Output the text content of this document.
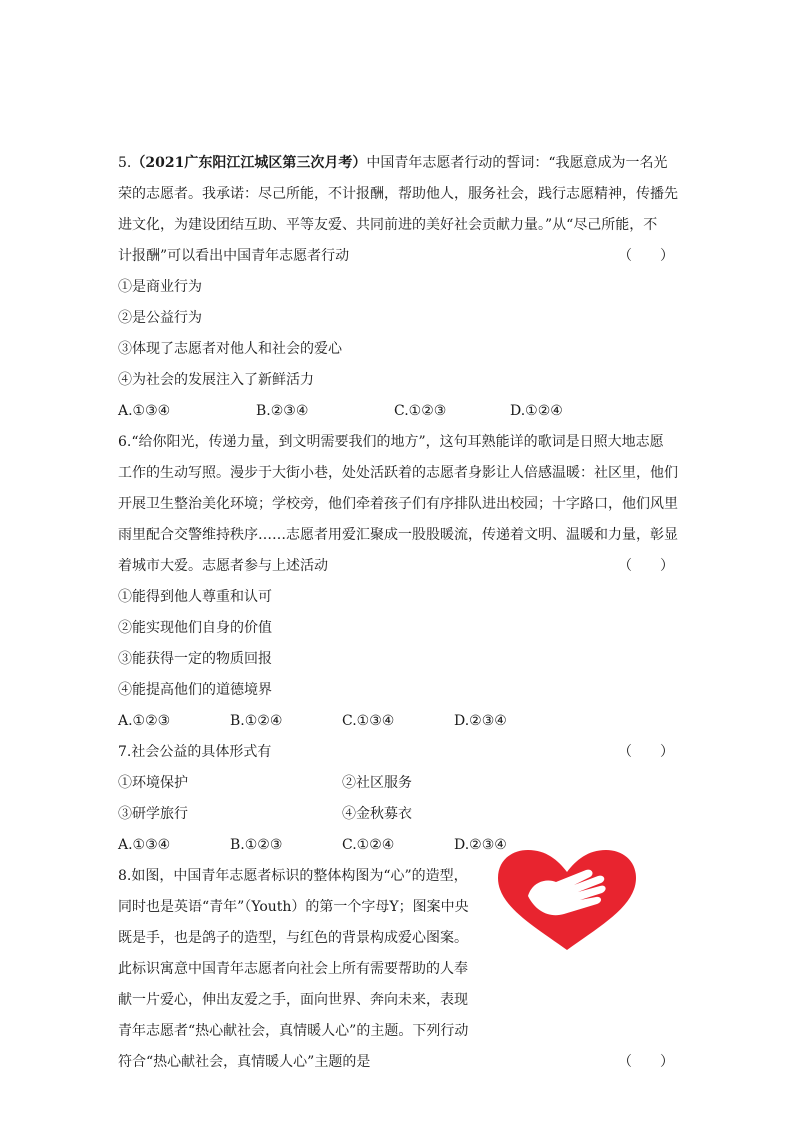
5.（2021广东阳江江城区第三次月考）中国青年志愿者行动的誓词：“我愿意成为一名光
荣的志愿者。我承诺：尽己所能，不计报酬，帮助他人，服务社会，践行志愿精神，传播先
进文化，为建设团结互助、平等友爱、共同前进的美好社会贡献力量。”从“尽己所能，不
计报酬”可以看出中国青年志愿者行动	（　　）
①是商业行为
②是公益行为
③体现了志愿者对他人和社会的爱心
④为社会的发展注入了新鲜活力
A.①③④	B.②③④	C.①②③	D.①②④
6.“给你阳光，传递力量，到文明需要我们的地方”，这句耳熟能详的歌词是日照大地志愿
工作的生动写照。漫步于大街小巷，处处活跃着的志愿者身影让人倍感温暖：社区里，他们
开展卫生整治美化环境；学校旁，他们牵着孩子们有序排队进出校园；十字路口，他们风里
雨里配合交警维持秩序……志愿者用爱汇聚成一股股暖流，传递着文明、温暖和力量，彰显
着城市大爱。志愿者参与上述活动	（　　）
①能得到他人尊重和认可
②能实现他们自身的价值
③能获得一定的物质回报
④能提高他们的道德境界
A.①②③	B.①②④	C.①③④	D.②③④
7.社会公益的具体形式有	（　　）
①环境保护	②社区服务
③研学旅行	④金秋募衣
A.①③④	B.①②③	C.①②④	D.②③④
8.如图，中国青年志愿者标识的整体构图为“心”的造型，
同时也是英语“青年”（Youth）的第一个字母Y；图案中央
既是手，也是鸽子的造型，与红色的背景构成爱心图案。
此标识寓意中国青年志愿者向社会上所有需要帮助的人奉
献一片爱心，伸出友爱之手，面向世界、奔向未来，表现
青年志愿者“热心献社会，真情暖人心”的主题。下列行动
符合“热心献社会，真情暖人心”主题的是	（　　）
